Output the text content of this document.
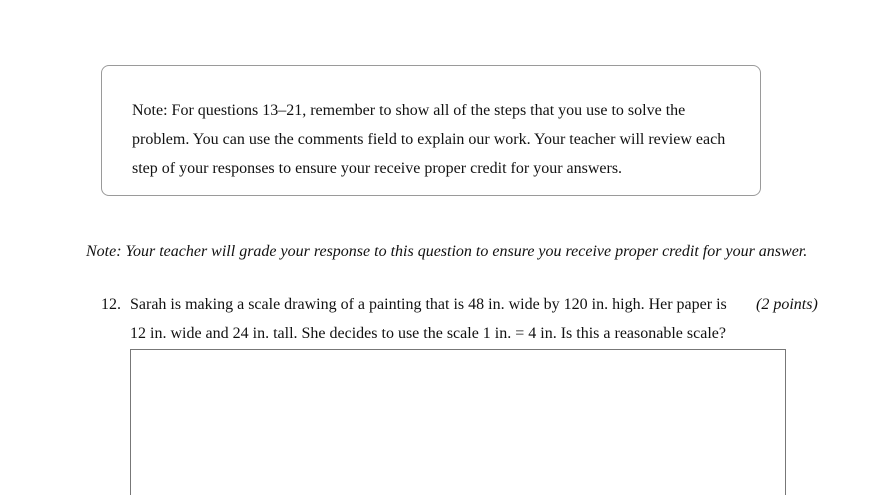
Note: For questions 13–21, remember to show all of the steps that you use to solve the problem. You can use the comments field to explain our work. Your teacher will review each step of your responses to ensure your receive proper credit for your answers.
Note: Your teacher will grade your response to this question to ensure you receive proper credit for your answer.
12. Sarah is making a scale drawing of a painting that is 48 in. wide by 120 in. high. Her paper is 12 in. wide and 24 in. tall. She decides to use the scale 1 in. = 4 in. Is this a reasonable scale?
(2 points)
